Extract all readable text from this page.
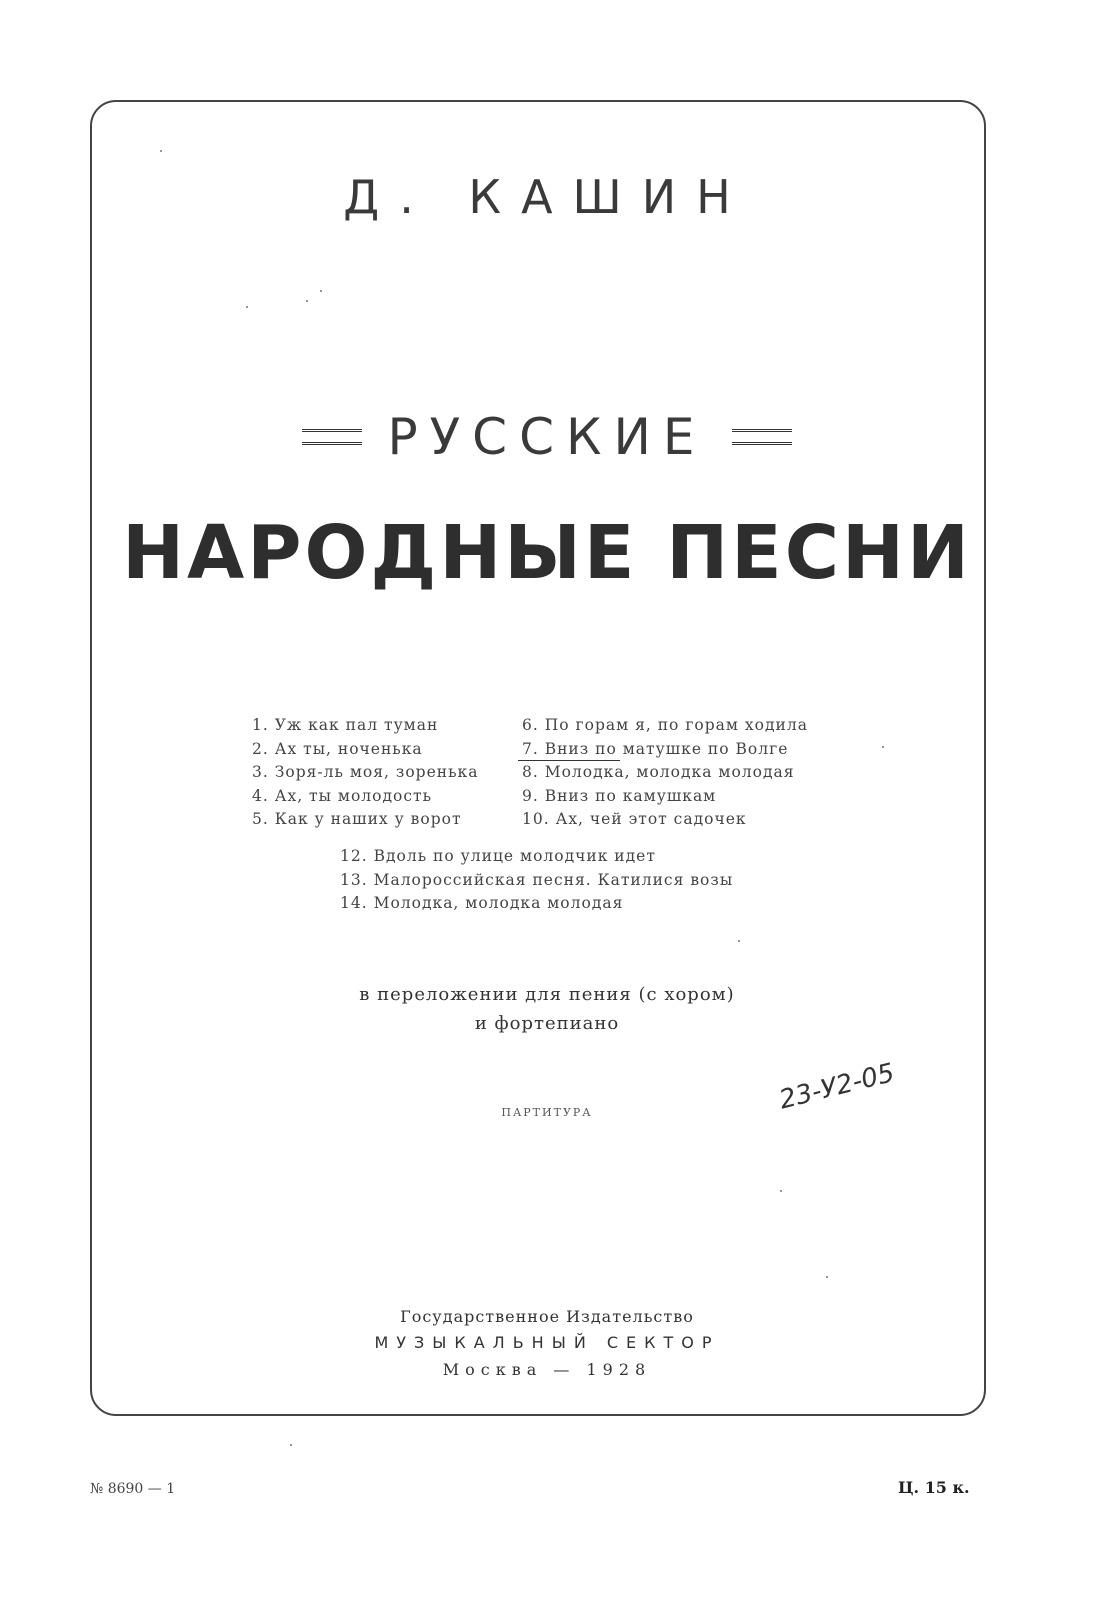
Д. КАШИН
РУССКИЕ
НАРОДНЫЕ ПЕСНИ
1. Уж как пал туман
2. Ах ты, ноченька
3. Зоря-ль моя, зоренька
4. Ах, ты молодость
5. Как у наших у ворот
6. По горам я, по горам ходила
7. Вниз по матушке по Волге
8. Молодка, молодка молодая
9. Вниз по камушкам
10. Ах, чей этот садочек
12. Вдоль по улице молодчик идет
13. Малороссийская песня. Катилися возы
14. Молодка, молодка молодая
в переложении для пения (с хором)
и фортепиано
ПАРТИТУРА	23-У2-05
Государственное Издательство
МУЗЫКАЛЬНЫЙ СЕКТОР
Москва — 1928
№ 8690 — 1	Ц. 15 к.
